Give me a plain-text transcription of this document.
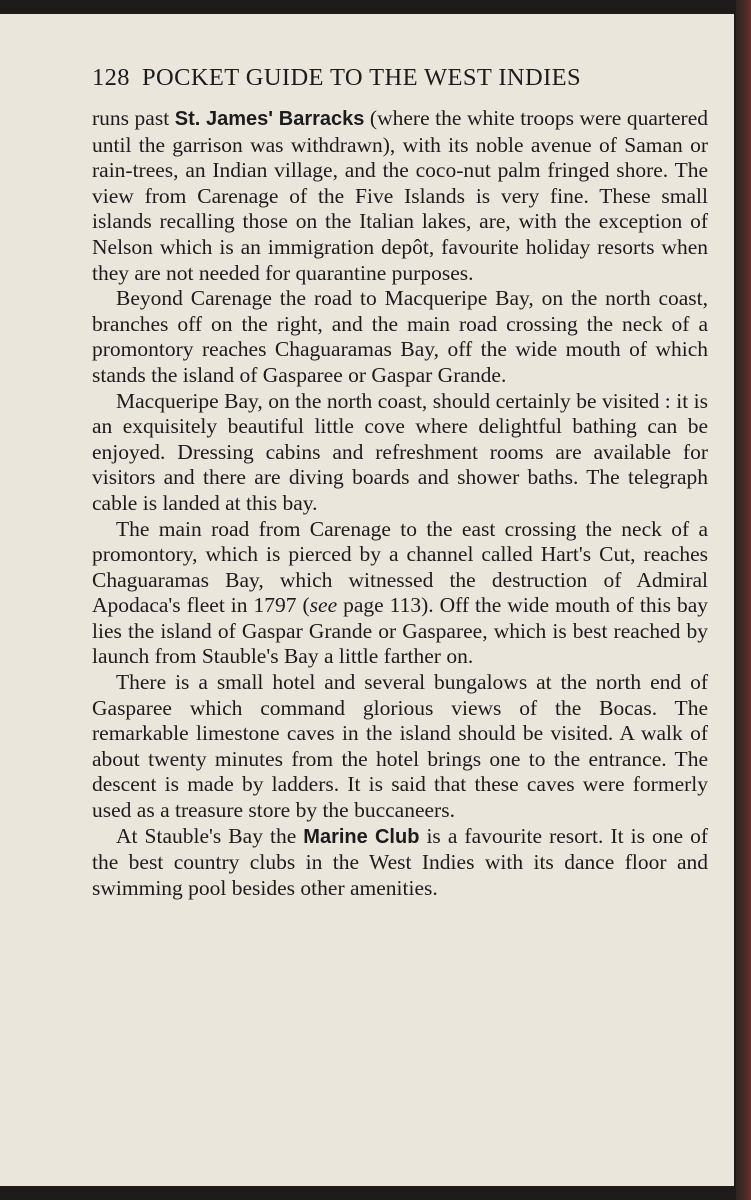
128 POCKET GUIDE TO THE WEST INDIES

runs past St. James' Barracks (where the white troops were quartered until the garrison was withdrawn), with its noble avenue of Saman or rain-trees, an Indian village, and the coco-nut palm fringed shore. The view from Carenage of the Five Islands is very fine. These small islands recalling those on the Italian lakes, are, with the exception of Nelson which is an immigration depôt, favourite holiday resorts when they are not needed for quarantine purposes.

Beyond Carenage the road to Macqueripe Bay, on the north coast, branches off on the right, and the main road crossing the neck of a promontory reaches Chaguaramas Bay, off the wide mouth of which stands the island of Gasparee or Gaspar Grande.

Macqueripe Bay, on the north coast, should certainly be visited : it is an exquisitely beautiful little cove where delightful bathing can be enjoyed. Dressing cabins and refreshment rooms are available for visitors and there are diving boards and shower baths. The telegraph cable is landed at this bay.

The main road from Carenage to the east crossing the neck of a promontory, which is pierced by a channel called Hart's Cut, reaches Chaguaramas Bay, which witnessed the destruction of Admiral Apodaca's fleet in 1797 (see page 113). Off the wide mouth of this bay lies the island of Gaspar Grande or Gasparee, which is best reached by launch from Stauble's Bay a little farther on.

There is a small hotel and several bungalows at the north end of Gasparee which command glorious views of the Bocas. The remarkable limestone caves in the island should be visited. A walk of about twenty minutes from the hotel brings one to the entrance. The descent is made by ladders. It is said that these caves were formerly used as a treasure store by the buccaneers.

At Stauble's Bay the Marine Club is a favourite resort. It is one of the best country clubs in the West Indies with its dance floor and swimming pool besides other amenities.
